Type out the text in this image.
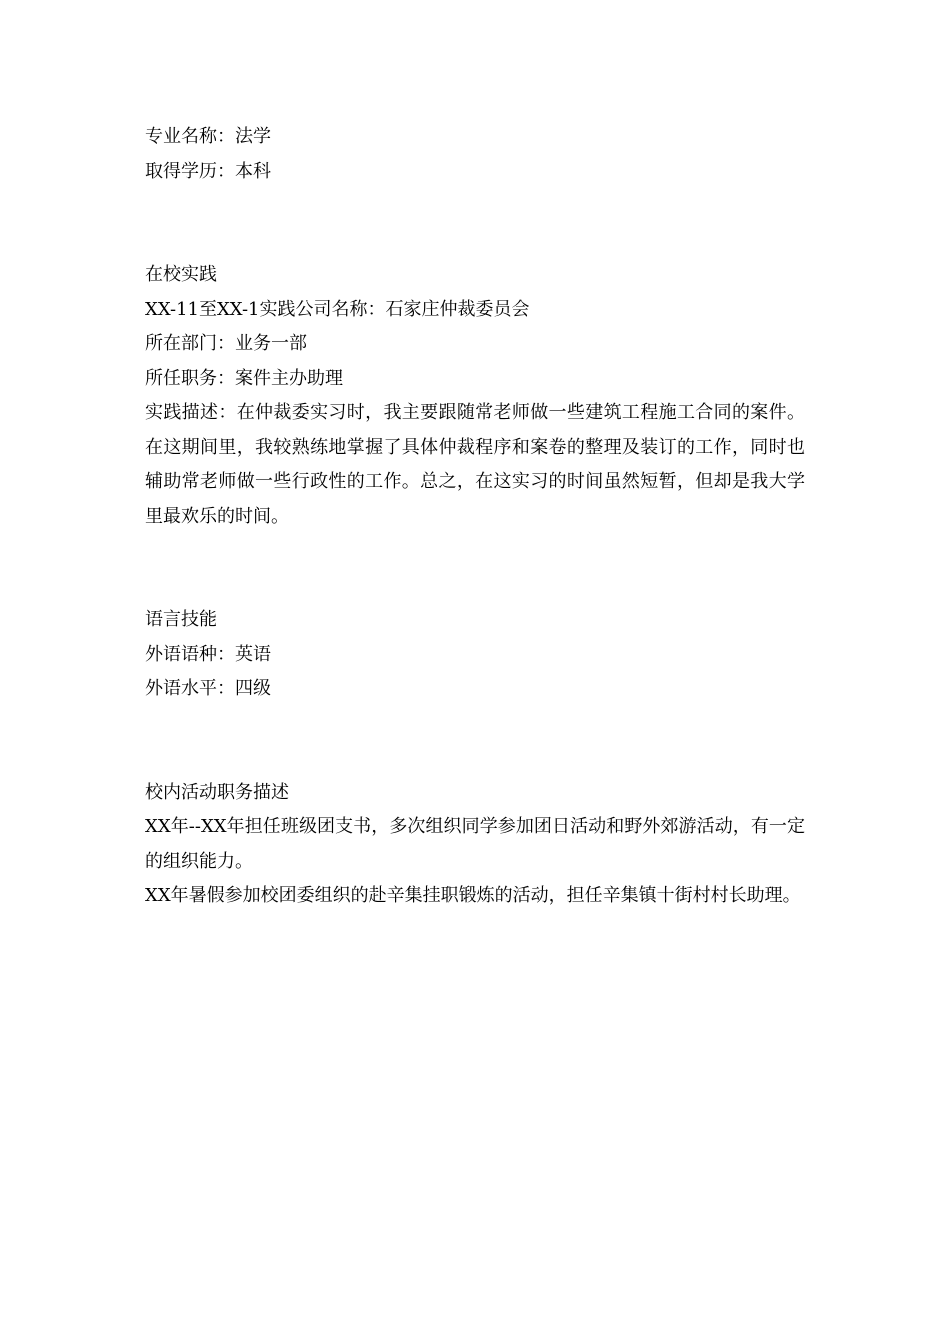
专业名称：法学
取得学历：本科
在校实践
XX-11至XX-1实践公司名称：石家庄仲裁委员会
所在部门：业务一部
所任职务：案件主办助理
实践描述：在仲裁委实习时，我主要跟随常老师做一些建筑工程施工合同的案件。在这期间里，我较熟练地掌握了具体仲裁程序和案卷的整理及装订的工作，同时也辅助常老师做一些行政性的工作。总之，在这实习的时间虽然短暂，但却是我大学里最欢乐的时间。
语言技能
外语语种：英语
外语水平：四级
校内活动职务描述
XX年--XX年担任班级团支书，多次组织同学参加团日活动和野外郊游活动，有一定的组织能力。
XX年暑假参加校团委组织的赴辛集挂职锻炼的活动，担任辛集镇十街村村长助理。
